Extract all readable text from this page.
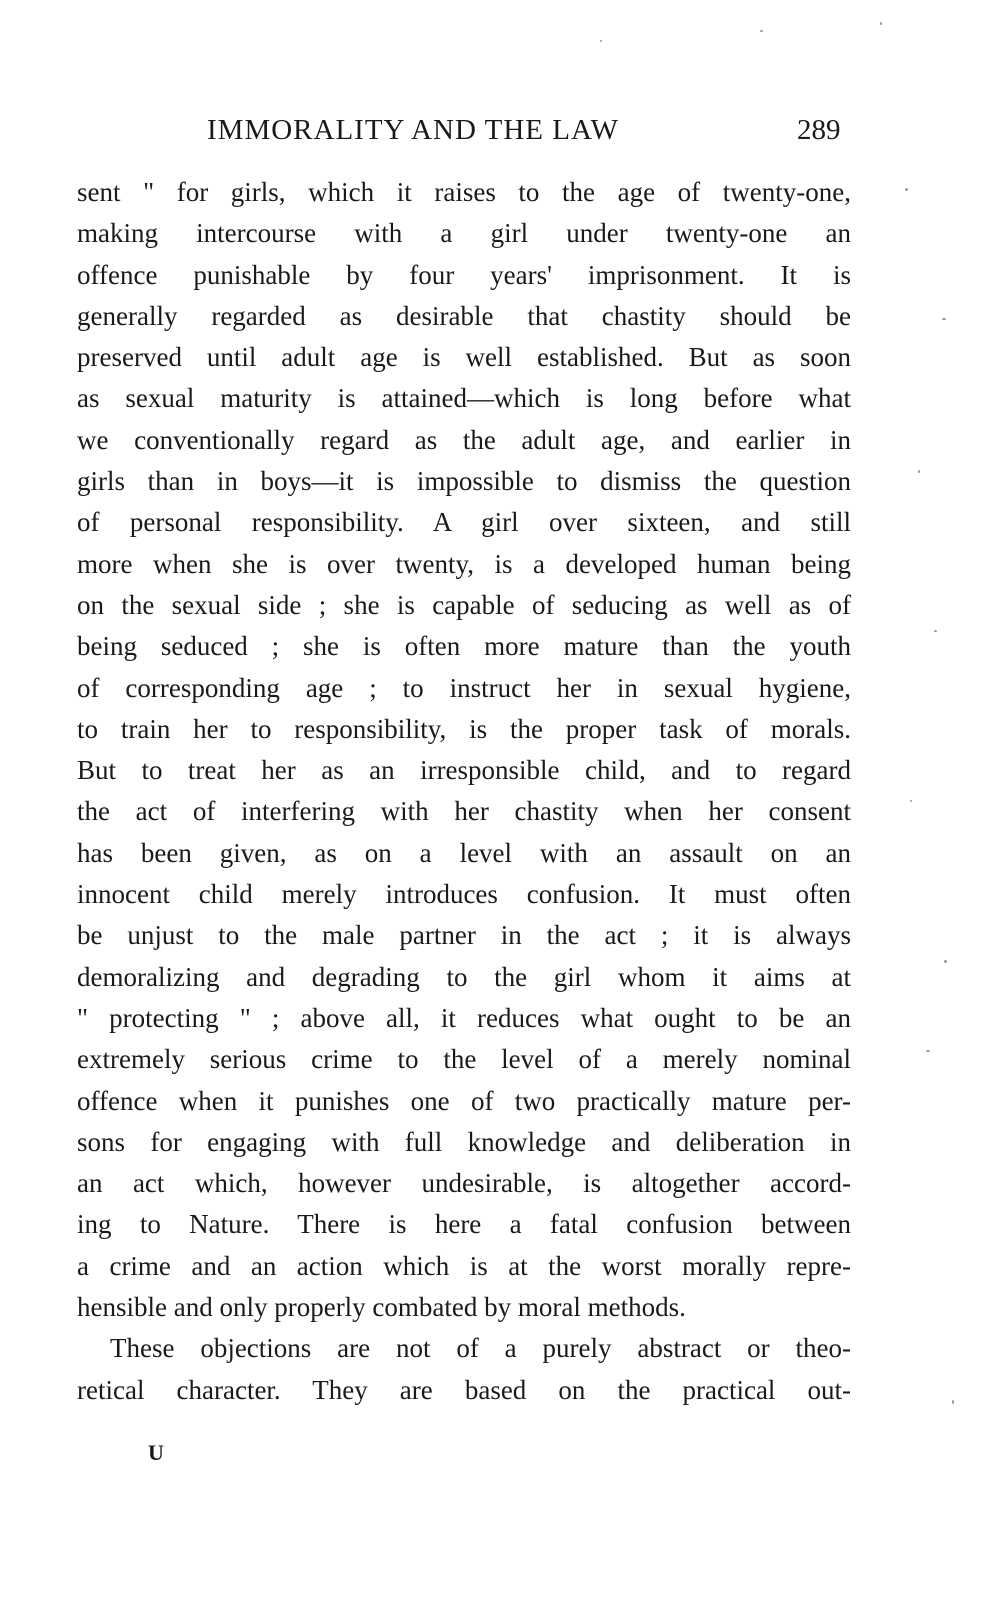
IMMORALITY AND THE LAW	289
sent " for girls, which it raises to the age of twenty-one,
making intercourse with a girl under twenty-one an
offence punishable by four years' imprisonment. It is
generally regarded as desirable that chastity should be
preserved until adult age is well established. But as soon
as sexual maturity is attained—which is long before what
we conventionally regard as the adult age, and earlier in
girls than in boys—it is impossible to dismiss the question
of personal responsibility. A girl over sixteen, and still
more when she is over twenty, is a developed human being
on the sexual side ; she is capable of seducing as well as of
being seduced ; she is often more mature than the youth
of corresponding age ; to instruct her in sexual hygiene,
to train her to responsibility, is the proper task of morals.
But to treat her as an irresponsible child, and to regard
the act of interfering with her chastity when her consent
has been given, as on a level with an assault on an
innocent child merely introduces confusion. It must often
be unjust to the male partner in the act ; it is always
demoralizing and degrading to the girl whom it aims at
" protecting " ; above all, it reduces what ought to be an
extremely serious crime to the level of a merely nominal
offence when it punishes one of two practically mature per-
sons for engaging with full knowledge and deliberation in
an act which, however undesirable, is altogether accord-
ing to Nature. There is here a fatal confusion between
a crime and an action which is at the worst morally repre-
hensible and only properly combated by moral methods.
These objections are not of a purely abstract or theo-
retical character. They are based on the practical out-
U
